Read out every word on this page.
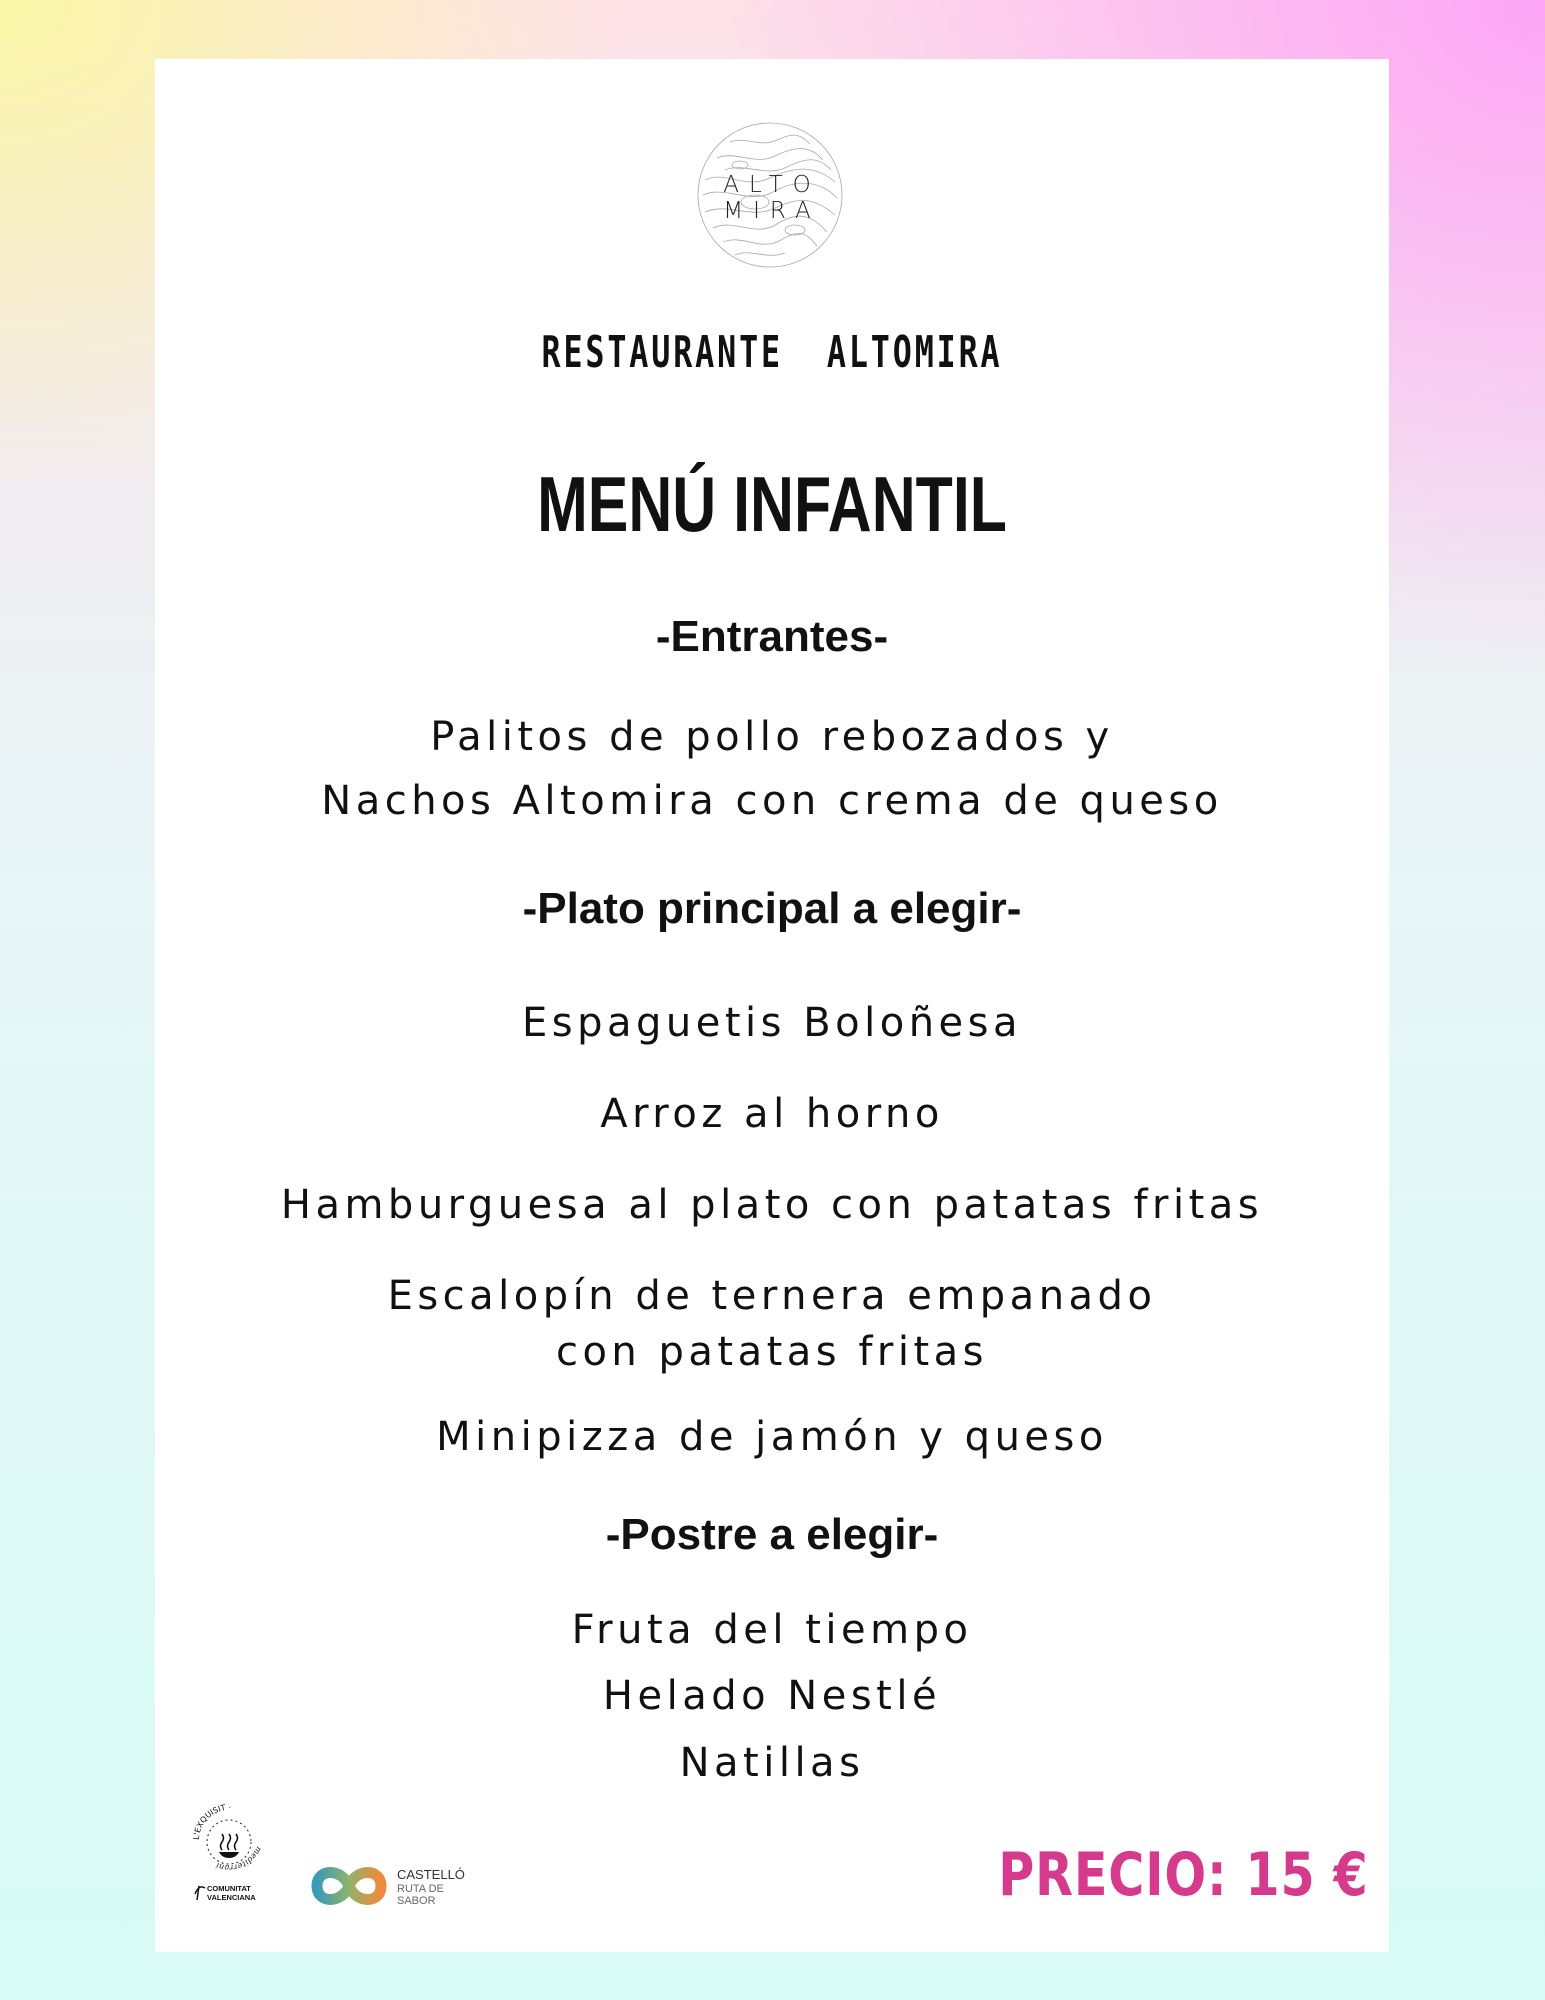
ALTO
MIRA
RESTAURANTE  ALTOMIRA
MENÚ INFANTIL
-Entrantes-
Palitos de pollo rebozados y
Nachos Altomira con crema de queso
-Plato principal a elegir-
Espaguetis Boloñesa
Arroz al horno
Hamburguesa al plato con patatas fritas
Escalopín de ternera empanado
con patatas fritas
Minipizza de jamón y queso
-Postre a elegir-
Fruta del tiempo
Helado Nestlé
Natillas
L'EXQUISIT ·
mediterrani
COMUNITAT
VALENCIANA
CASTELLÓ
RUTA DE
SABOR	PRECIO: 15 €
